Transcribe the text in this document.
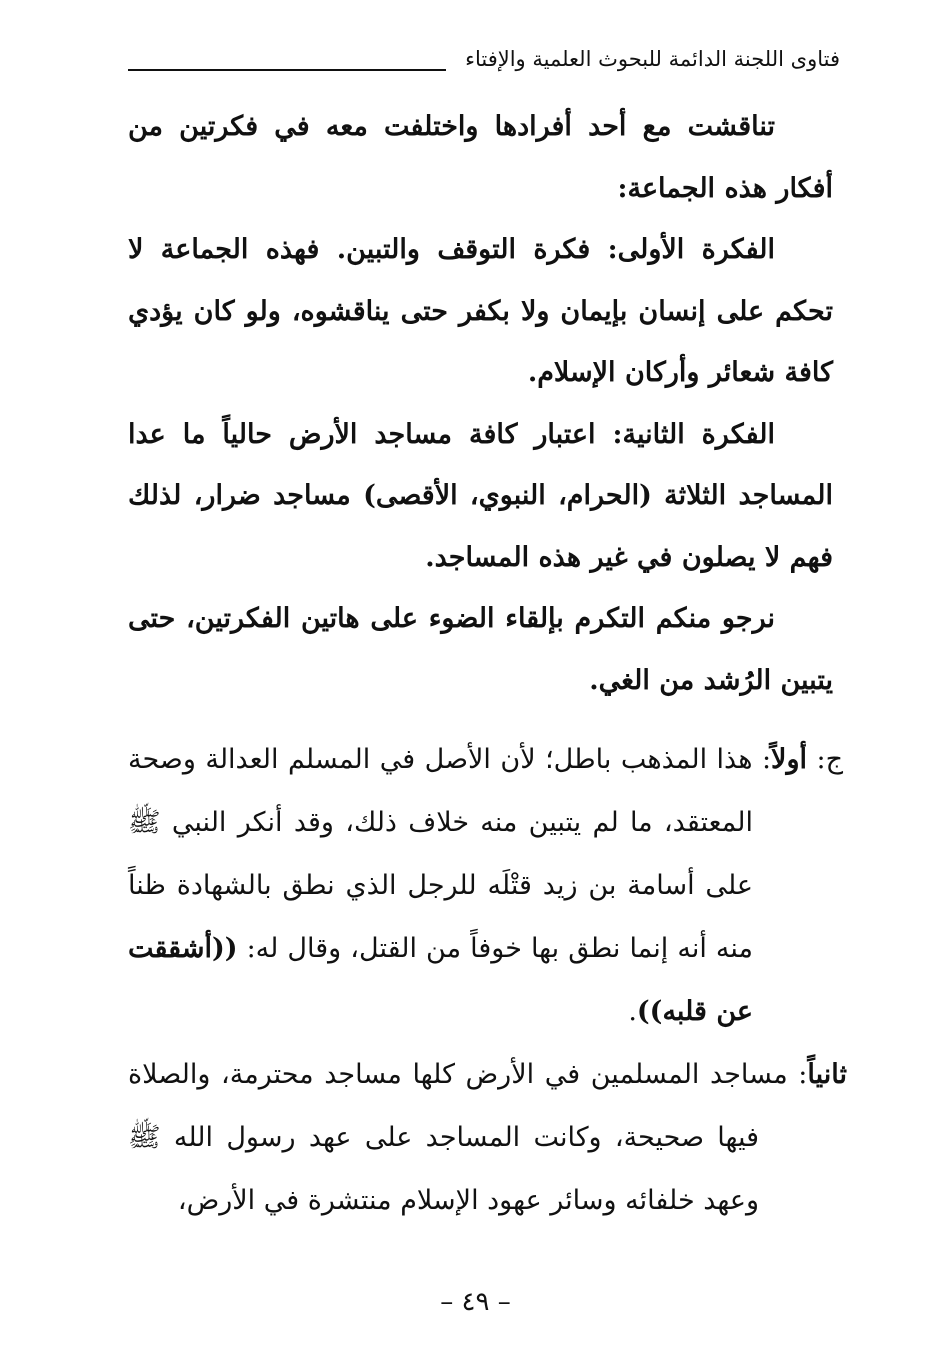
فتاوى اللجنة الدائمة للبحوث العلمية والإفتاء

تناقشت مع أحد أفرادها واختلفت معه في فكرتين من أفكار هذه الجماعة:

الفكرة الأولى: فكرة التوقف والتبين. فهذه الجماعة لا تحكم على إنسان بإيمان ولا بكفر حتى يناقشوه، ولو كان يؤدي كافة شعائر وأركان الإسلام.

الفكرة الثانية: اعتبار كافة مساجد الأرض حالياً ما عدا المساجد الثلاثة (الحرام، النبوي، الأقصى) مساجد ضرار، لذلك فهم لا يصلون في غير هذه المساجد.

نرجو منكم التكرم بإلقاء الضوء على هاتين الفكرتين، حتى يتبين الرُشد من الغي.

ج: أولاً: هذا المذهب باطل؛ لأن الأصل في المسلم العدالة وصحة المعتقد، ما لم يتبين منه خلاف ذلك، وقد أنكر النبي ﷺ على أسامة بن زيد قتْلَه للرجل الذي نطق بالشهادة ظناً منه أنه إنما نطق بها خوفاً من القتل، وقال له: ((أشققت عن قلبه)).

ثانياً: مساجد المسلمين في الأرض كلها مساجد محترمة، والصلاة فيها صحيحة، وكانت المساجد على عهد رسول الله ﷺ وعهد خلفائه وسائر عهود الإسلام منتشرة في الأرض،

– ٤٩ –
